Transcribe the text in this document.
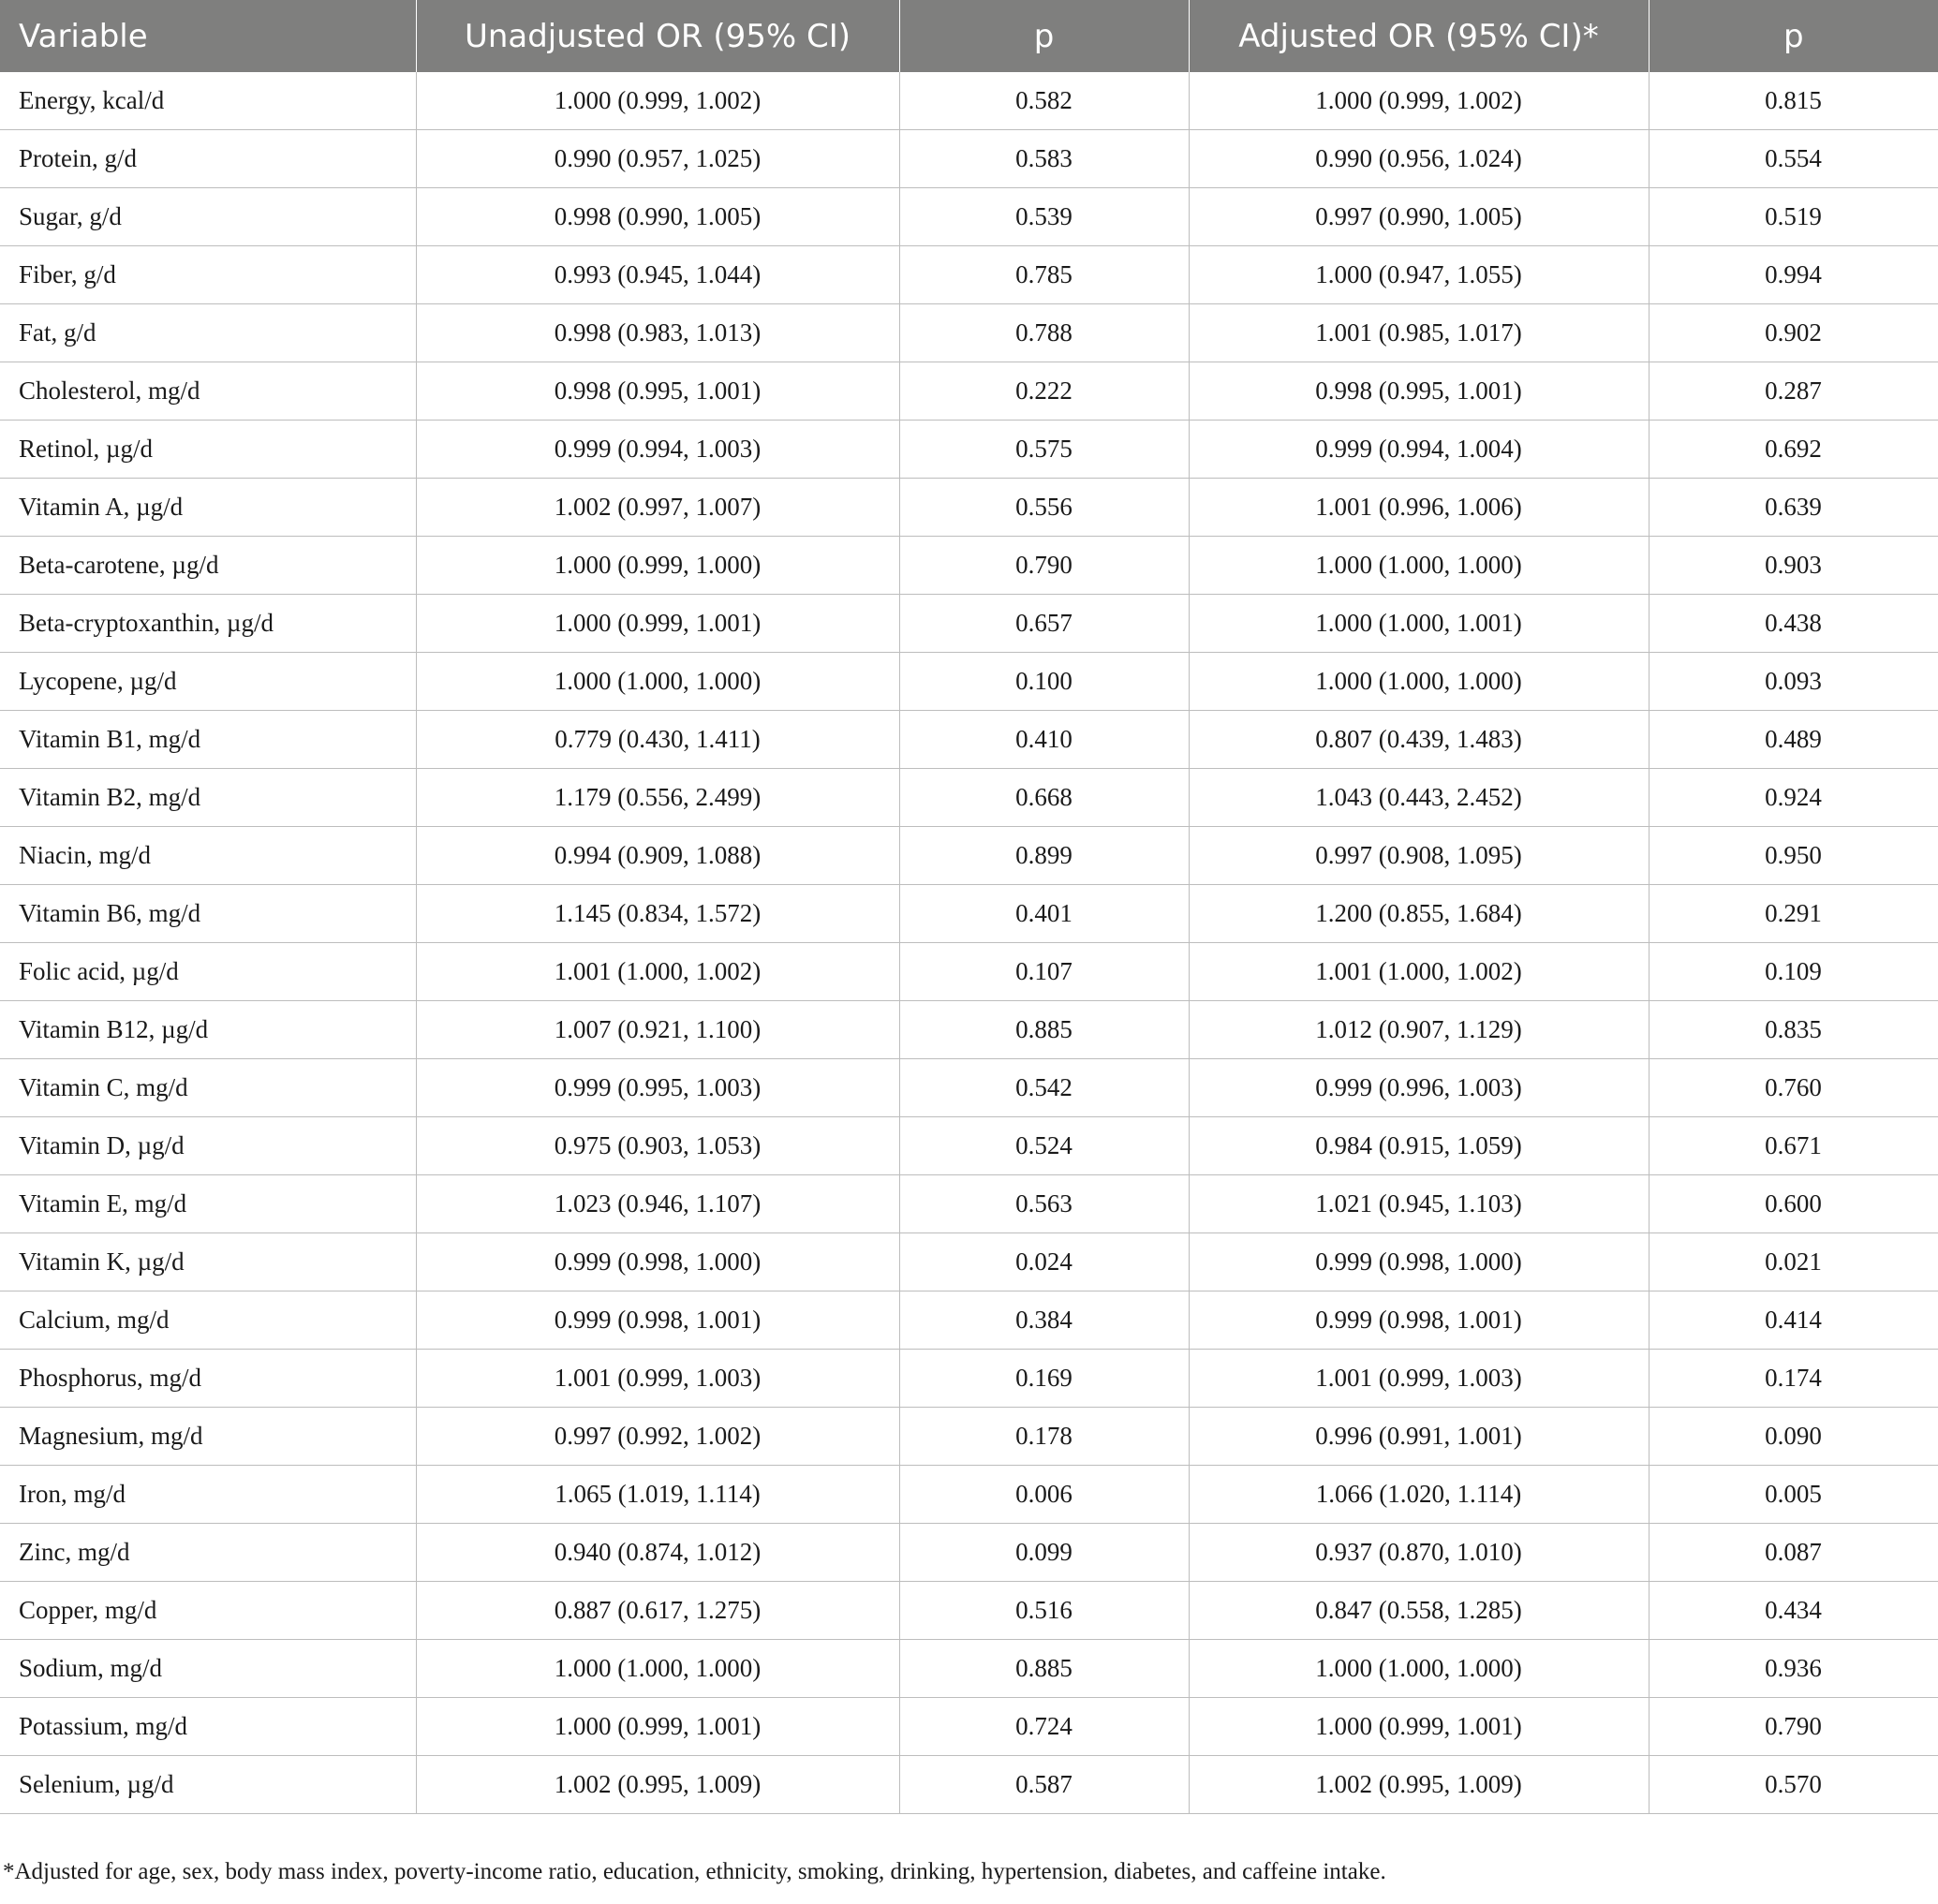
Variable	Unadjusted OR (95% CI)	p	Adjusted OR (95% CI)*	p
Energy, kcal/d	1.000 (0.999, 1.002)	0.582	1.000 (0.999, 1.002)	0.815
Protein, g/d	0.990 (0.957, 1.025)	0.583	0.990 (0.956, 1.024)	0.554
Sugar, g/d	0.998 (0.990, 1.005)	0.539	0.997 (0.990, 1.005)	0.519
Fiber, g/d	0.993 (0.945, 1.044)	0.785	1.000 (0.947, 1.055)	0.994
Fat, g/d	0.998 (0.983, 1.013)	0.788	1.001 (0.985, 1.017)	0.902
Cholesterol, mg/d	0.998 (0.995, 1.001)	0.222	0.998 (0.995, 1.001)	0.287
Retinol, µg/d	0.999 (0.994, 1.003)	0.575	0.999 (0.994, 1.004)	0.692
Vitamin A, µg/d	1.002 (0.997, 1.007)	0.556	1.001 (0.996, 1.006)	0.639
Beta-carotene, µg/d	1.000 (0.999, 1.000)	0.790	1.000 (1.000, 1.000)	0.903
Beta-cryptoxanthin, µg/d	1.000 (0.999, 1.001)	0.657	1.000 (1.000, 1.001)	0.438
Lycopene, µg/d	1.000 (1.000, 1.000)	0.100	1.000 (1.000, 1.000)	0.093
Vitamin B1, mg/d	0.779 (0.430, 1.411)	0.410	0.807 (0.439, 1.483)	0.489
Vitamin B2, mg/d	1.179 (0.556, 2.499)	0.668	1.043 (0.443, 2.452)	0.924
Niacin, mg/d	0.994 (0.909, 1.088)	0.899	0.997 (0.908, 1.095)	0.950
Vitamin B6, mg/d	1.145 (0.834, 1.572)	0.401	1.200 (0.855, 1.684)	0.291
Folic acid, µg/d	1.001 (1.000, 1.002)	0.107	1.001 (1.000, 1.002)	0.109
Vitamin B12, µg/d	1.007 (0.921, 1.100)	0.885	1.012 (0.907, 1.129)	0.835
Vitamin C, mg/d	0.999 (0.995, 1.003)	0.542	0.999 (0.996, 1.003)	0.760
Vitamin D, µg/d	0.975 (0.903, 1.053)	0.524	0.984 (0.915, 1.059)	0.671
Vitamin E, mg/d	1.023 (0.946, 1.107)	0.563	1.021 (0.945, 1.103)	0.600
Vitamin K, µg/d	0.999 (0.998, 1.000)	0.024	0.999 (0.998, 1.000)	0.021
Calcium, mg/d	0.999 (0.998, 1.001)	0.384	0.999 (0.998, 1.001)	0.414
Phosphorus, mg/d	1.001 (0.999, 1.003)	0.169	1.001 (0.999, 1.003)	0.174
Magnesium, mg/d	0.997 (0.992, 1.002)	0.178	0.996 (0.991, 1.001)	0.090
Iron, mg/d	1.065 (1.019, 1.114)	0.006	1.066 (1.020, 1.114)	0.005
Zinc, mg/d	0.940 (0.874, 1.012)	0.099	0.937 (0.870, 1.010)	0.087
Copper, mg/d	0.887 (0.617, 1.275)	0.516	0.847 (0.558, 1.285)	0.434
Sodium, mg/d	1.000 (1.000, 1.000)	0.885	1.000 (1.000, 1.000)	0.936
Potassium, mg/d	1.000 (0.999, 1.001)	0.724	1.000 (0.999, 1.001)	0.790
Selenium, µg/d	1.002 (0.995, 1.009)	0.587	1.002 (0.995, 1.009)	0.570
*Adjusted for age, sex, body mass index, poverty-income ratio, education, ethnicity, smoking, drinking, hypertension, diabetes, and caffeine intake.
